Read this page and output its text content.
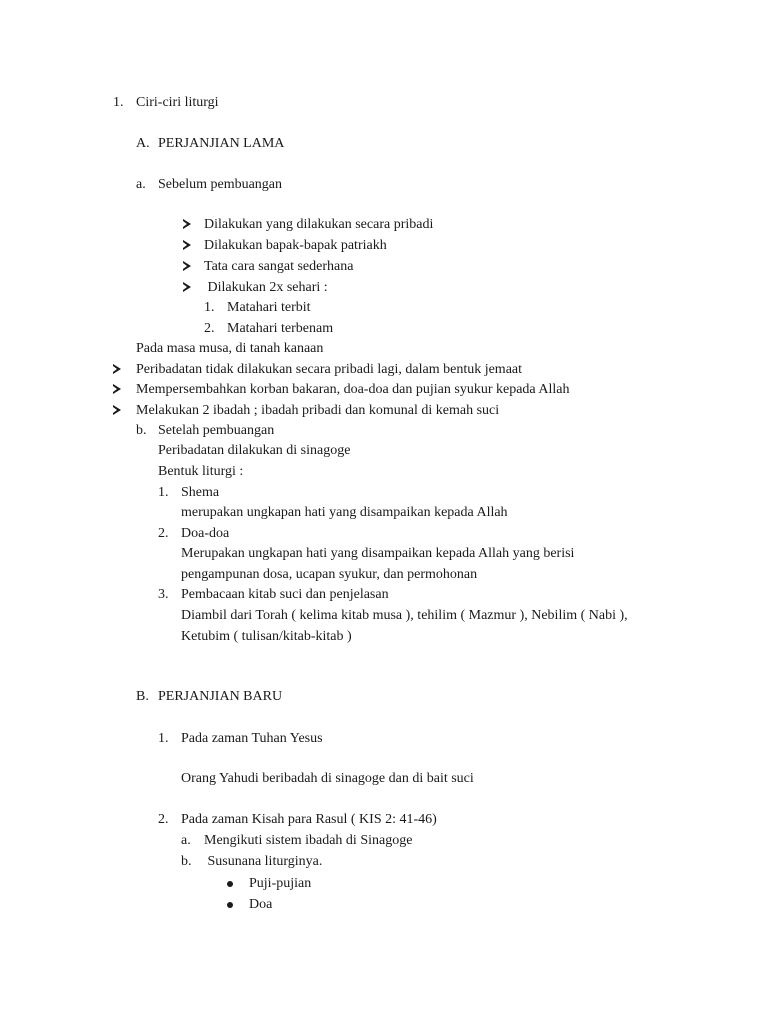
1. Ciri-ciri liturgi
A. PERJANJIAN LAMA
a. Sebelum pembuangan
Dilakukan yang dilakukan secara pribadi
Dilakukan bapak-bapak patriakh
Tata cara sangat sederhana
Dilakukan 2x sehari :
1. Matahari terbit
2. Matahari terbenam
Pada masa musa, di tanah kanaan
Peribadatan tidak dilakukan secara pribadi lagi, dalam bentuk jemaat
Mempersembahkan korban bakaran, doa-doa dan pujian syukur kepada Allah
Melakukan 2 ibadah ; ibadah pribadi dan komunal di kemah suci
b. Setelah pembuangan
Peribadatan dilakukan di sinagoge
Bentuk liturgi :
1. Shema
merupakan ungkapan hati yang disampaikan kepada Allah
2. Doa-doa
Merupakan ungkapan hati yang disampaikan kepada Allah yang berisi
pengampunan dosa, ucapan syukur, dan permohonan
3. Pembacaan kitab suci dan penjelasan
Diambil dari Torah ( kelima kitab musa ), tehilim ( Mazmur ), Nebilim ( Nabi ),
Ketubim ( tulisan/kitab-kitab )
B. PERJANJIAN BARU
1. Pada zaman Tuhan Yesus
Orang Yahudi beribadah di sinagoge dan di bait suci
2. Pada zaman Kisah para Rasul ( KIS 2: 41-46)
a. Mengikuti sistem ibadah di Sinagoge
b. Susunana liturginya.
Puji-pujian
Doa
